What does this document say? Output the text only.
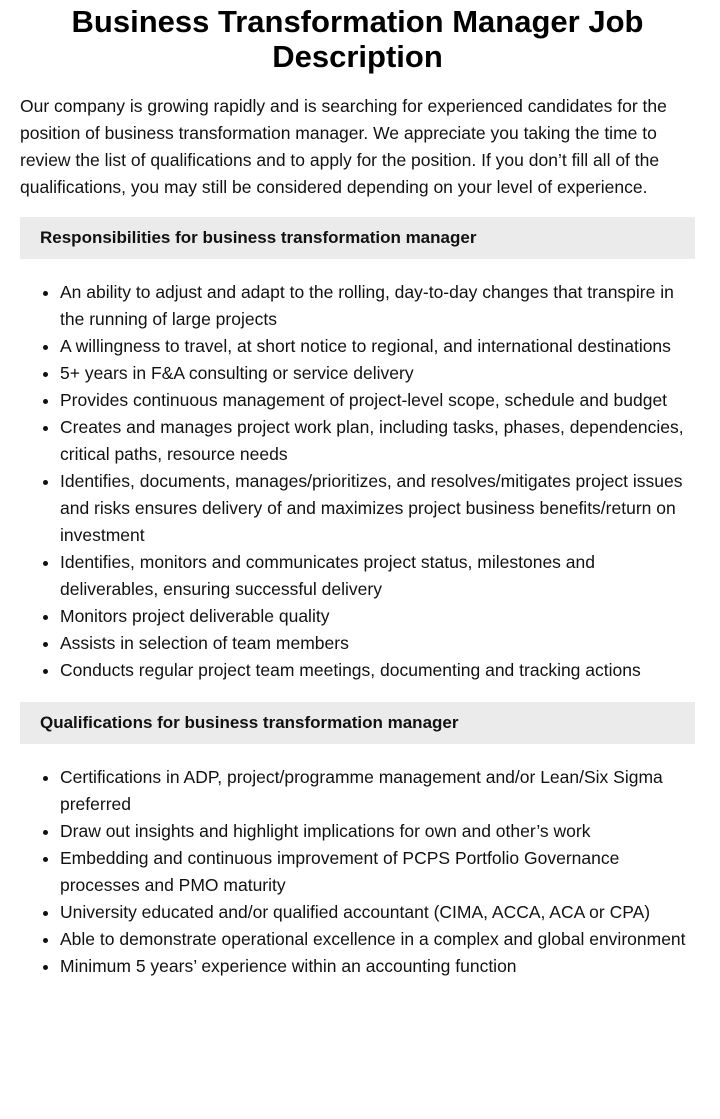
Business Transformation Manager Job Description

Our company is growing rapidly and is searching for experienced candidates for the position of business transformation manager. We appreciate you taking the time to review the list of qualifications and to apply for the position. If you don’t fill all of the qualifications, you may still be considered depending on your level of experience.

Responsibilities for business transformation manager
• An ability to adjust and adapt to the rolling, day-to-day changes that transpire in the running of large projects
• A willingness to travel, at short notice to regional, and international destinations
• 5+ years in F&A consulting or service delivery
• Provides continuous management of project-level scope, schedule and budget
• Creates and manages project work plan, including tasks, phases, dependencies, critical paths, resource needs
• Identifies, documents, manages/prioritizes, and resolves/mitigates project issues and risks ensures delivery of and maximizes project business benefits/return on investment
• Identifies, monitors and communicates project status, milestones and deliverables, ensuring successful delivery
• Monitors project deliverable quality
• Assists in selection of team members
• Conducts regular project team meetings, documenting and tracking actions
Qualifications for business transformation manager
• Certifications in ADP, project/programme management and/or Lean/Six Sigma preferred
• Draw out insights and highlight implications for own and other’s work
• Embedding and continuous improvement of PCPS Portfolio Governance processes and PMO maturity
• University educated and/or qualified accountant (CIMA, ACCA, ACA or CPA)
• Able to demonstrate operational excellence in a complex and global environment
• Minimum 5 years’ experience within an accounting function
